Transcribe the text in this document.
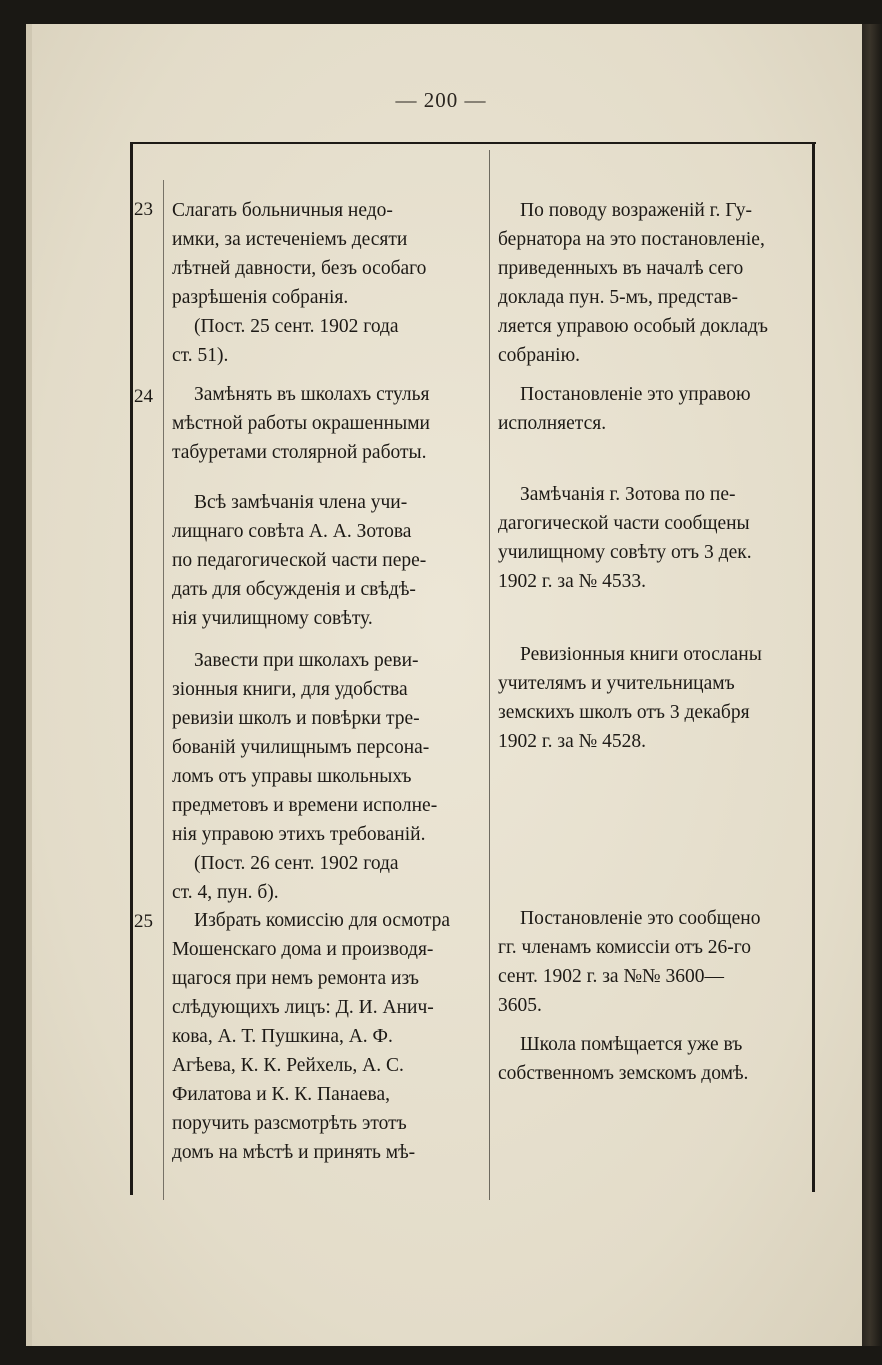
— 200 —
23 Слагать больничныя недо-

имки, за истеченіемъ десяти

лѣтней давности, безъ особаго

разрѣшенія собранія.

(Пост. 25 сент. 1902 года

ст. 51).

По поводу возраженій г. Гу-

бернатора на это постановленіе,

приведенныхъ въ началѣ сего

доклада пун. 5-мъ, представ-

ляется управою особый докладъ

собранію.

24	Замѣнять въ школахъ стулья

мѣстной работы окрашенными

табуретами столярной работы.

Постановленіе это управою

исполняется.

Всѣ замѣчанія члена учи-

лищнаго совѣта А. А. Зотова

по педагогической части пере-

дать для обсужденія и свѣдѣ-

нія училищному совѣту.

Замѣчанія г. Зотова по пе-

дагогической части сообщены

училищному совѣту отъ 3 дек.

1902 г. за № 4533.

Завести при школахъ реви-

зіонныя книги, для удобства

ревизіи школъ и повѣрки тре-

бованій училищнымъ персона-

ломъ отъ управы школьныхъ

предметовъ и времени исполне-

нія управою этихъ требованій.

(Пост. 26 сент. 1902 года

ст. 4, пун. б).

Ревизіонныя книги отосланы

учителямъ и учительницамъ

земскихъ школъ отъ 3 декабря

1902 г. за № 4528.

25	Избрать комиссію для осмотра

Мошенскаго дома и производя-

щагося при немъ ремонта изъ

слѣдующихъ лицъ: Д. И. Анич-

кова, А. Т. Пушкина, А. Ф.

Агѣева, К. К. Рейхель, А. С.

Филатова и К. К. Панаева,

поручить разсмотрѣть этотъ

домъ на мѣстѣ и принять мѣ-

Постановленіе это сообщено

гг. членамъ комиссіи отъ 26-го

сент. 1902 г. за №№ 3600—

3605.

Школа помѣщается уже въ

собственномъ земскомъ домѣ.
